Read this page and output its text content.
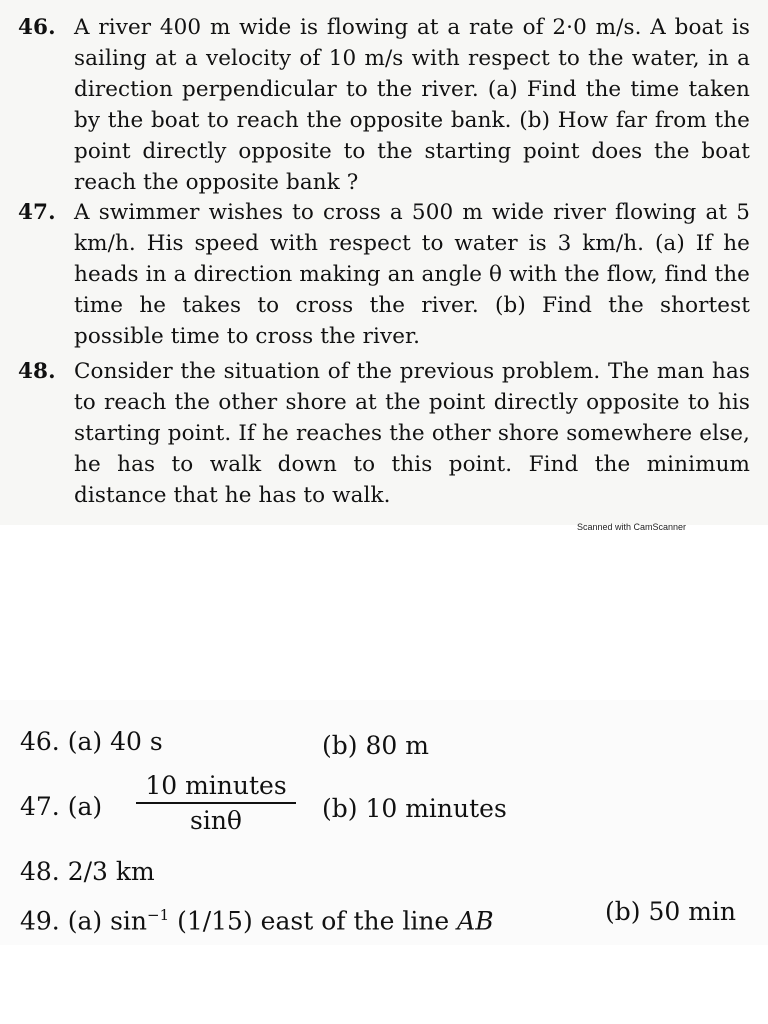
46. A river 400 m wide is flowing at a rate of 2·0 m/s. A boat is sailing at a velocity of 10 m/s with respect to the water, in a direction perpendicular to the river. (a) Find the time taken by the boat to reach the opposite bank. (b) How far from the point directly opposite to the starting point does the boat reach the opposite bank ?
47. A swimmer wishes to cross a 500 m wide river flowing at 5 km/h. His speed with respect to water is 3 km/h. (a) If he heads in a direction making an angle θ with the flow, find the time he takes to cross the river. (b) Find the shortest possible time to cross the river.
48. Consider the situation of the previous problem. The man has to reach the other shore at the point directly opposite to his starting point. If he reaches the other shore somewhere else, he has to walk down to this point. Find the minimum distance that he has to walk.
Scanned with CamScanner
46. (a) 40 s	(b) 80 m
47. (a)
10 minutes
sinθ	(b) 10 minutes
48. 2/3 km
49. (a) $\sin^{-1} (1/15)$ east of the line AB	(b) 50 min
